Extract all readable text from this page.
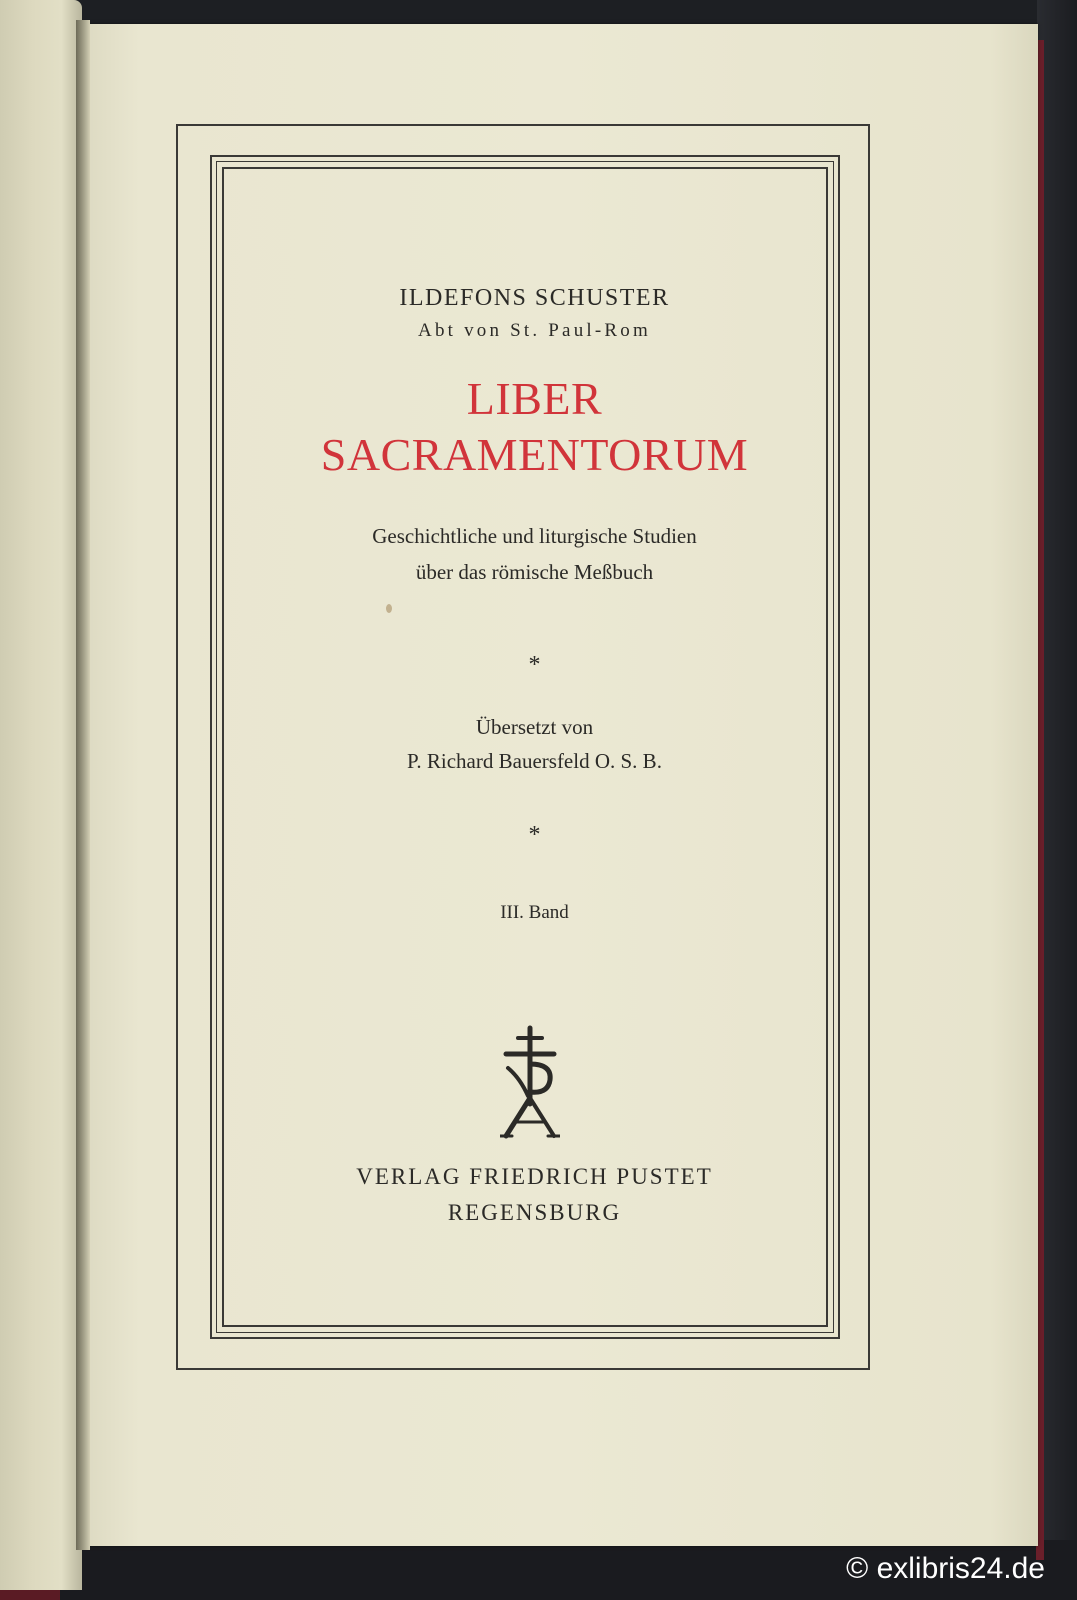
ILDEFONS SCHUSTER
Abt von St. Paul-Rom
LIBER
SACRAMENTORUM
Geschichtliche und liturgische Studien
über das römische Meßbuch
*
Übersetzt von
P. Richard Bauersfeld O. S. B.
*
III. Band
VERLAG FRIEDRICH PUSTET
REGENSBURG
© exlibris24.de
